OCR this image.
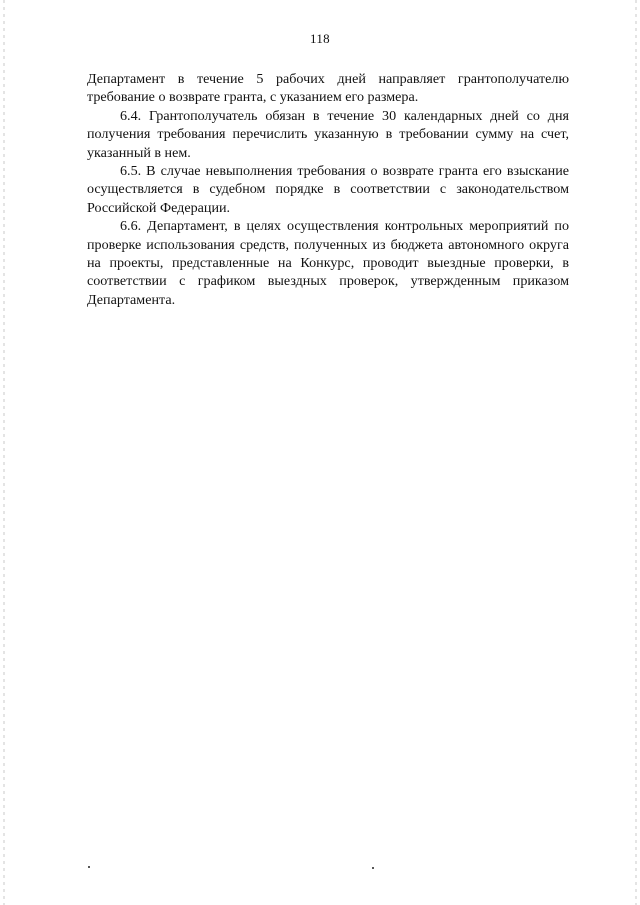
118

Департамент в течение 5 рабочих дней направляет грантополучателю требование о возврате гранта, с указанием его размера.

6.4. Грантополучатель обязан в течение 30 календарных дней со дня получения требования перечислить указанную в требовании сумму на счет, указанный в нем.

6.5. В случае невыполнения требования о возврате гранта его взыскание осуществляется в судебном порядке в соответствии с законодательством Российской Федерации.

6.6. Департамент, в целях осуществления контрольных мероприятий по проверке использования средств, полученных из бюджета автономного округа на проекты, представленные на Конкурс, проводит выездные проверки, в соответствии с графиком выездных проверок, утвержденным приказом Департамента.
